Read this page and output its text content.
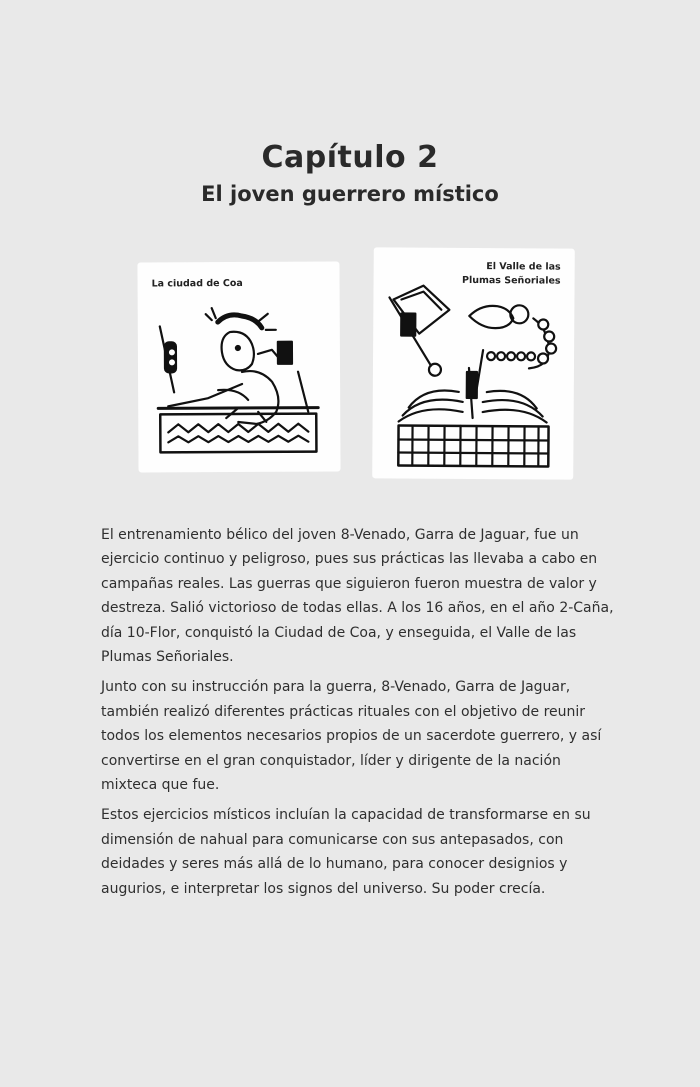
Capítulo 2
El joven guerrero místico
La ciudad de Coa
El Valle de las
Plumas Señoriales

El entrenamiento bélico del joven 8-Venado, Garra de Jaguar, fue un ejercicio continuo y peligroso, pues sus prácticas las llevaba a cabo en campañas reales. Las guerras que siguieron fueron muestra de valor y destreza. Salió victorioso de todas ellas. A los 16 años, en el año 2-Caña, día 10-Flor, conquistó la Ciudad de Coa, y enseguida, el Valle de las Plumas Señoriales.

Junto con su instrucción para la guerra, 8-Venado, Garra de Jaguar, también realizó diferentes prácticas rituales con el objetivo de reunir todos los elementos necesarios propios de un sacerdote guerrero, y así convertirse en el gran conquistador, líder y dirigente de la nación mixteca que fue.

Estos ejercicios místicos incluían la capacidad de transformarse en su dimensión de nahual para comunicarse con sus antepasados, con deidades y seres más allá de lo humano, para conocer designios y augurios, e interpretar los signos del universo. Su poder crecía.
